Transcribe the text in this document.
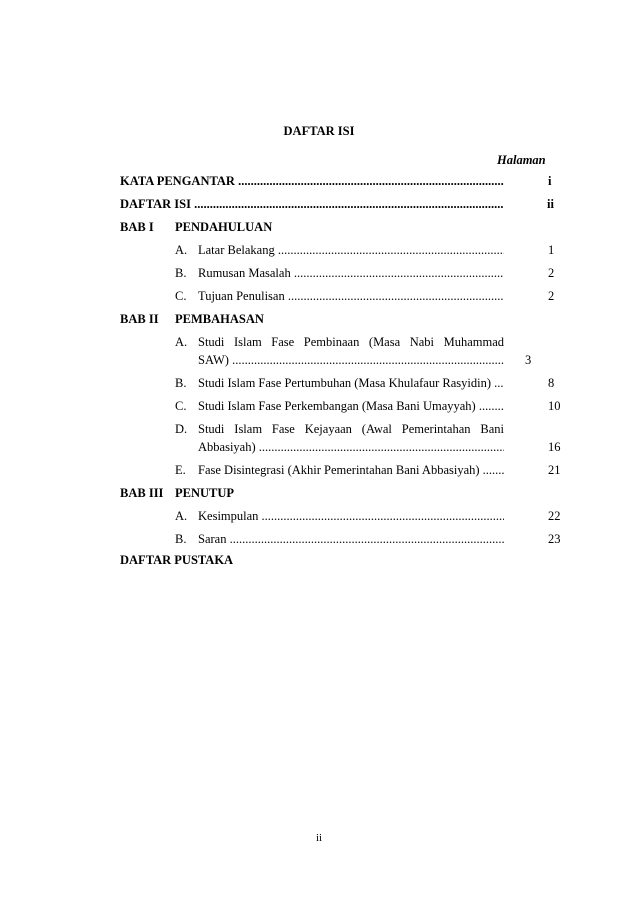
DAFTAR ISI
Halaman
KATA PENGANTAR .....	i
DAFTAR ISI .....	ii
BAB I PENDAHULUAN
A. Latar Belakang .....	1
B. Rumusan Masalah .....	2
C. Tujuan Penulisan .....	2
BAB II PEMBAHASAN
A. Studi Islam Fase Pembinaan (Masa Nabi Muhammad
SAW) .....	3
B. Studi Islam Fase Pertumbuhan (Masa Khulafaur Rasyidin) .....	8
C. Studi Islam Fase Perkembangan (Masa Bani Umayyah) .....	10
D. Studi Islam Fase Kejayaan (Awal Pemerintahan Bani
Abbasiyah) .....	16
E. Fase Disintegrasi (Akhir Pemerintahan Bani Abbasiyah) .....	21
BAB III PENUTUP
A. Kesimpulan .....	22
B. Saran .....	23
DAFTAR PUSTAKA
ii
